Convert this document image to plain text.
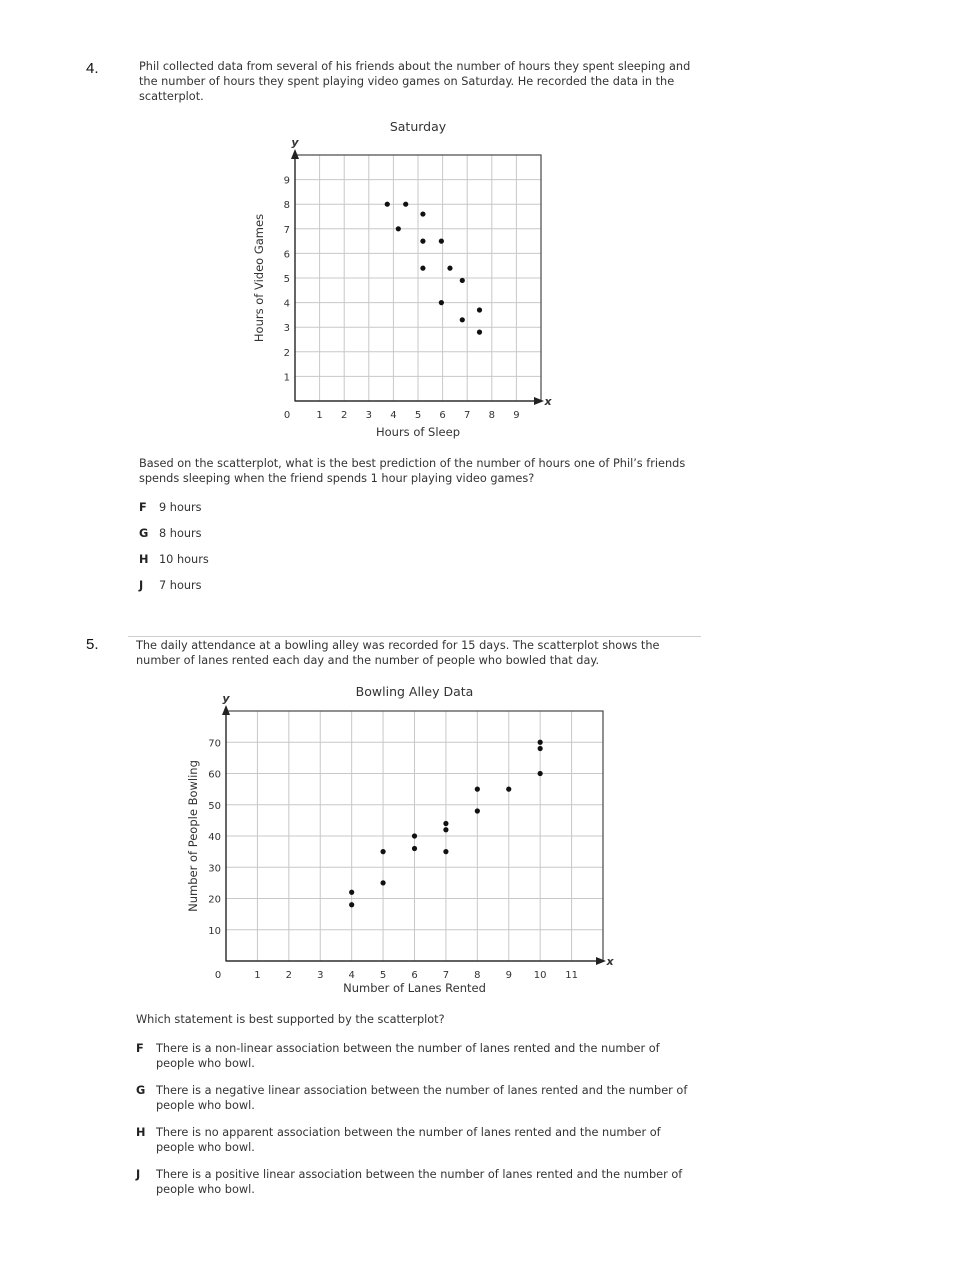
4.	Phil collected data from several of his friends about the number of hours they spent sleeping and the number of hours they spent playing video games on Saturday. He recorded the data in the scatterplot.

x
y
Saturday
0	1 2 3 4 5 6 7 8 9
1
2
3
4
5
6
7
8
9
Hours of Sleep
Hours of Video Games

Based on the scatterplot, what is the best prediction of the number of hours one of Phil’s friends spends sleeping when the friend spends 1 hour playing video games?

F 9 hours
G 8 hours
H 10 hours
J 7 hours
5.	The daily attendance at a bowling alley was recorded for 15 days. The scatterplot shows the number of lanes rented each day and the number of people who bowled that day.

x
y	Bowling Alley Data
0	1	2	3	4	5	6	7	8	9 10 11
10
20
30
40
50
60
70
Number of Lanes Rented
Number of People Bowling

Which statement is best supported by the scatterplot?

F There is a non-linear association between the number of lanes rented and the number of people who bowl.
G There is a negative linear association between the number of lanes rented and the number of people who bowl.
H There is no apparent association between the number of lanes rented and the number of people who bowl.
J There is a positive linear association between the number of lanes rented and the number of people who bowl.
